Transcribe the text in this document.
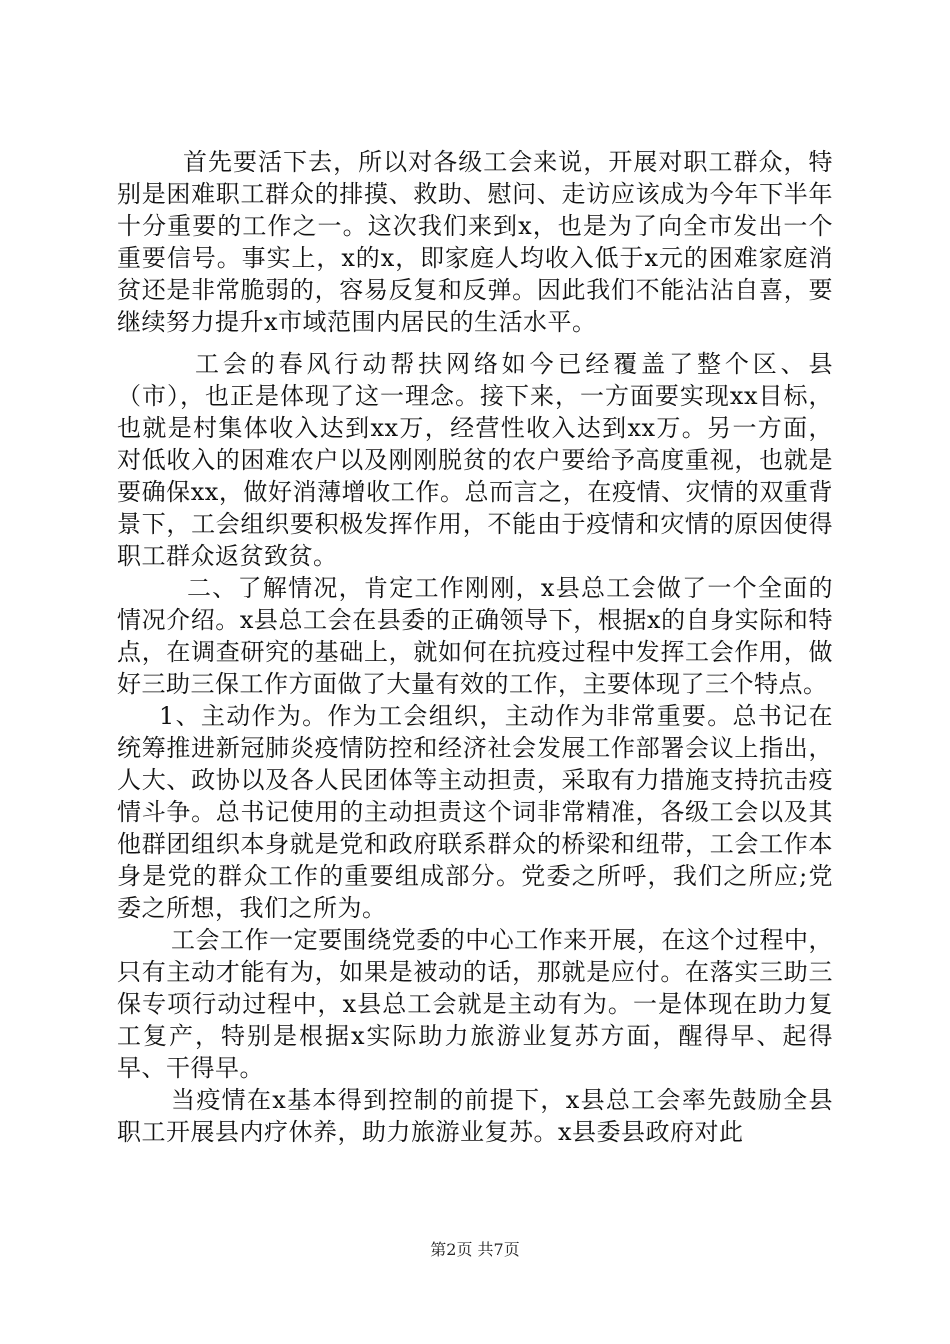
首先要活下去，所以对各级工会来说，开展对职工群众，特别是困难职工群众的排摸、救助、慰问、走访应该成为今年下半年十分重要的工作之一。这次我们来到x，也是为了向全市发出一个重要信号。事实上，x的x，即家庭人均收入低于x元的困难家庭消贫还是非常脆弱的，容易反复和反弹。因此我们不能沾沾自喜，要继续努力提升x市域范围内居民的生活水平。

工会的春风行动帮扶网络如今已经覆盖了整个区、县（市），也正是体现了这一理念。接下来，一方面要实现xx目标，也就是村集体收入达到xx万，经营性收入达到xx万。另一方面，对低收入的困难农户以及刚刚脱贫的农户要给予高度重视，也就是要确保xx，做好消薄增收工作。总而言之，在疫情、灾情的双重背景下，工会组织要积极发挥作用，不能由于疫情和灾情的原因使得职工群众返贫致贫。

二、了解情况，肯定工作刚刚，x县总工会做了一个全面的情况介绍。x县总工会在县委的正确领导下，根据x的自身实际和特点，在调查研究的基础上，就如何在抗疫过程中发挥工会作用，做好三助三保工作方面做了大量有效的工作，主要体现了三个特点。

1、主动作为。作为工会组织，主动作为非常重要。总书记在统筹推进新冠肺炎疫情防控和经济社会发展工作部署会议上指出，人大、政协以及各人民团体等主动担责，采取有力措施支持抗击疫情斗争。总书记使用的主动担责这个词非常精准，各级工会以及其他群团组织本身就是党和政府联系群众的桥梁和纽带，工会工作本身是党的群众工作的重要组成部分。党委之所呼，我们之所应;党委之所想，我们之所为。

工会工作一定要围绕党委的中心工作来开展，在这个过程中，只有主动才能有为，如果是被动的话，那就是应付。在落实三助三保专项行动过程中，x县总工会就是主动有为。一是体现在助力复工复产，特别是根据x实际助力旅游业复苏方面，醒得早、起得早、干得早。

当疫情在x基本得到控制的前提下，x县总工会率先鼓励全县职工开展县内疗休养，助力旅游业复苏。x县委县政府对此

第2页 共7页
